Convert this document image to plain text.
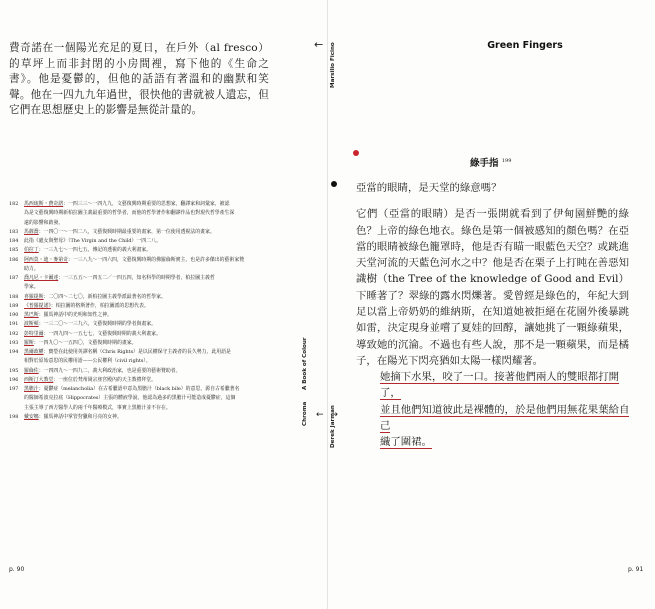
費奇諾在一個陽光充足的夏日，在戶外（al fresco）的草坪上而非封閉的小房間裡，寫下他的《生命之書》。他是憂鬱的，但他的話語有著溫和的幽默和笑聲。他在一四九九年過世，很快他的書就被人遺忘，但它們在思想歷史上的影響是無從計量的。
182	馬西琉斯・費奇諾：一四三三～一四九九，文藝復興時期重要的思想家，翻譯家和詞彙家，被認
為是文藝復興時期新柏拉圖主義最重要的哲學者，而他的哲學著作和翻譯作品也對現代哲學產生深
遠的影響和啟發。
183	馬薩喬：一四〇一～一四二八，文藝復興時期最重要的畫家，第一位使用透視法的畫家。
184	此指《處女與聖母》（The Virgin and the Child）一四二八。
185	伯拉丁：一三九七～一四七五，傳記的透視的義大利畫家。
186	阿西莫・迪・麥第奇：一三八九～一四六四，文藝復興時期的佛羅倫斯實主，也是許多傑出的藝術家贊
助力。
187	喬凡尼・卡爾達：一三五五～一四五二／一四五四，知名科學的時期學者，柏拉圖主義哲
學家。
188	喜羅提斯：二〇四～二七〇，新柏拉圖主義學派最著名的哲學家。
189	《普羅提諾》：柏拉圖的格斯著作，柏拉圖派的思想代表。
190	黑巴斯：羅馬神話中的光明和知性之神。
191	波斯頓：一三二〇～一三九六，文藝復興時期的學者與畫家。
192	彭特里爾：一四九四～一五七七，文藝復興時期的義大利畫家。
193	羅斯：一四九〇～一五四〇，文藝復興時期的畫家。
194	黑爾政權：寶瑩在此使用英譯名稱（Chris Rights）是以民權保守主義者的長久勢力，此用語是
相對於原始意思的民權用語——公民權利（civil rights）。
195	羅倫佐：一四四九～一四九二，義大利政治家，也是重要的藝術贊助者。
196	西斯汀大教堂：一座位於梵蒂岡宗座宮殿內的天主教禮拜堂。
197	黑膽汁：憂鬱症（melancholia）在古希臘語中意為黑膽汁（black bile）的意思，源自古希臘著名
的醫師希波克拉底（Hippocrates）主張的體液學說，他認為過多的黑膽汁可能造成憂鬱症，這個
主張主導了西方醫學人的兩千年醫療模式，事實上黑膽汁並不存在。
198	戴安娜：羅馬神話中掌管狩獵和月亮的女神。	Chroma
A Book of Colour
p. 90
← Marsilio Ficino	Green Fingers
綠手指 $^{199}$

亞當的眼睛，是天堂的綠意嗎？

它們（亞當的眼睛）是否一張開就看到了伊甸園鮮艷的綠色？上帝的綠色地衣。綠色是第一個被感知的顏色嗎？在亞當的眼睛被綠色籠罩時，他是否有瞄一眼藍色天空？或跳進天堂河流的天藍色河水之中？他是否在栗子上打盹在善惡知識樹（the Tree of the knowledge of Good and Evil）下睡著了？翠綠的露水閃爍著。愛曾經是綠色的，年紀大到足以當上帝奶奶的維納斯，在知道她被拒絕在花園外後暴跳如雷，決定現身並嚐了夏娃的回醇，讓她挑了一顆綠蘋果，導致她的沉淪。不過也有些人說，那不是一顆蘋果，而是橘子，在陽光下閃亮猶如太陽一樣閃耀著。

她摘下水果，咬了一口。接著他們兩人的雙眼都打開了，
並且他們知道彼此是裸體的，於是他們用無花果葉給自己
織了圍裙。
← →
Derek Jarman
p. 91
